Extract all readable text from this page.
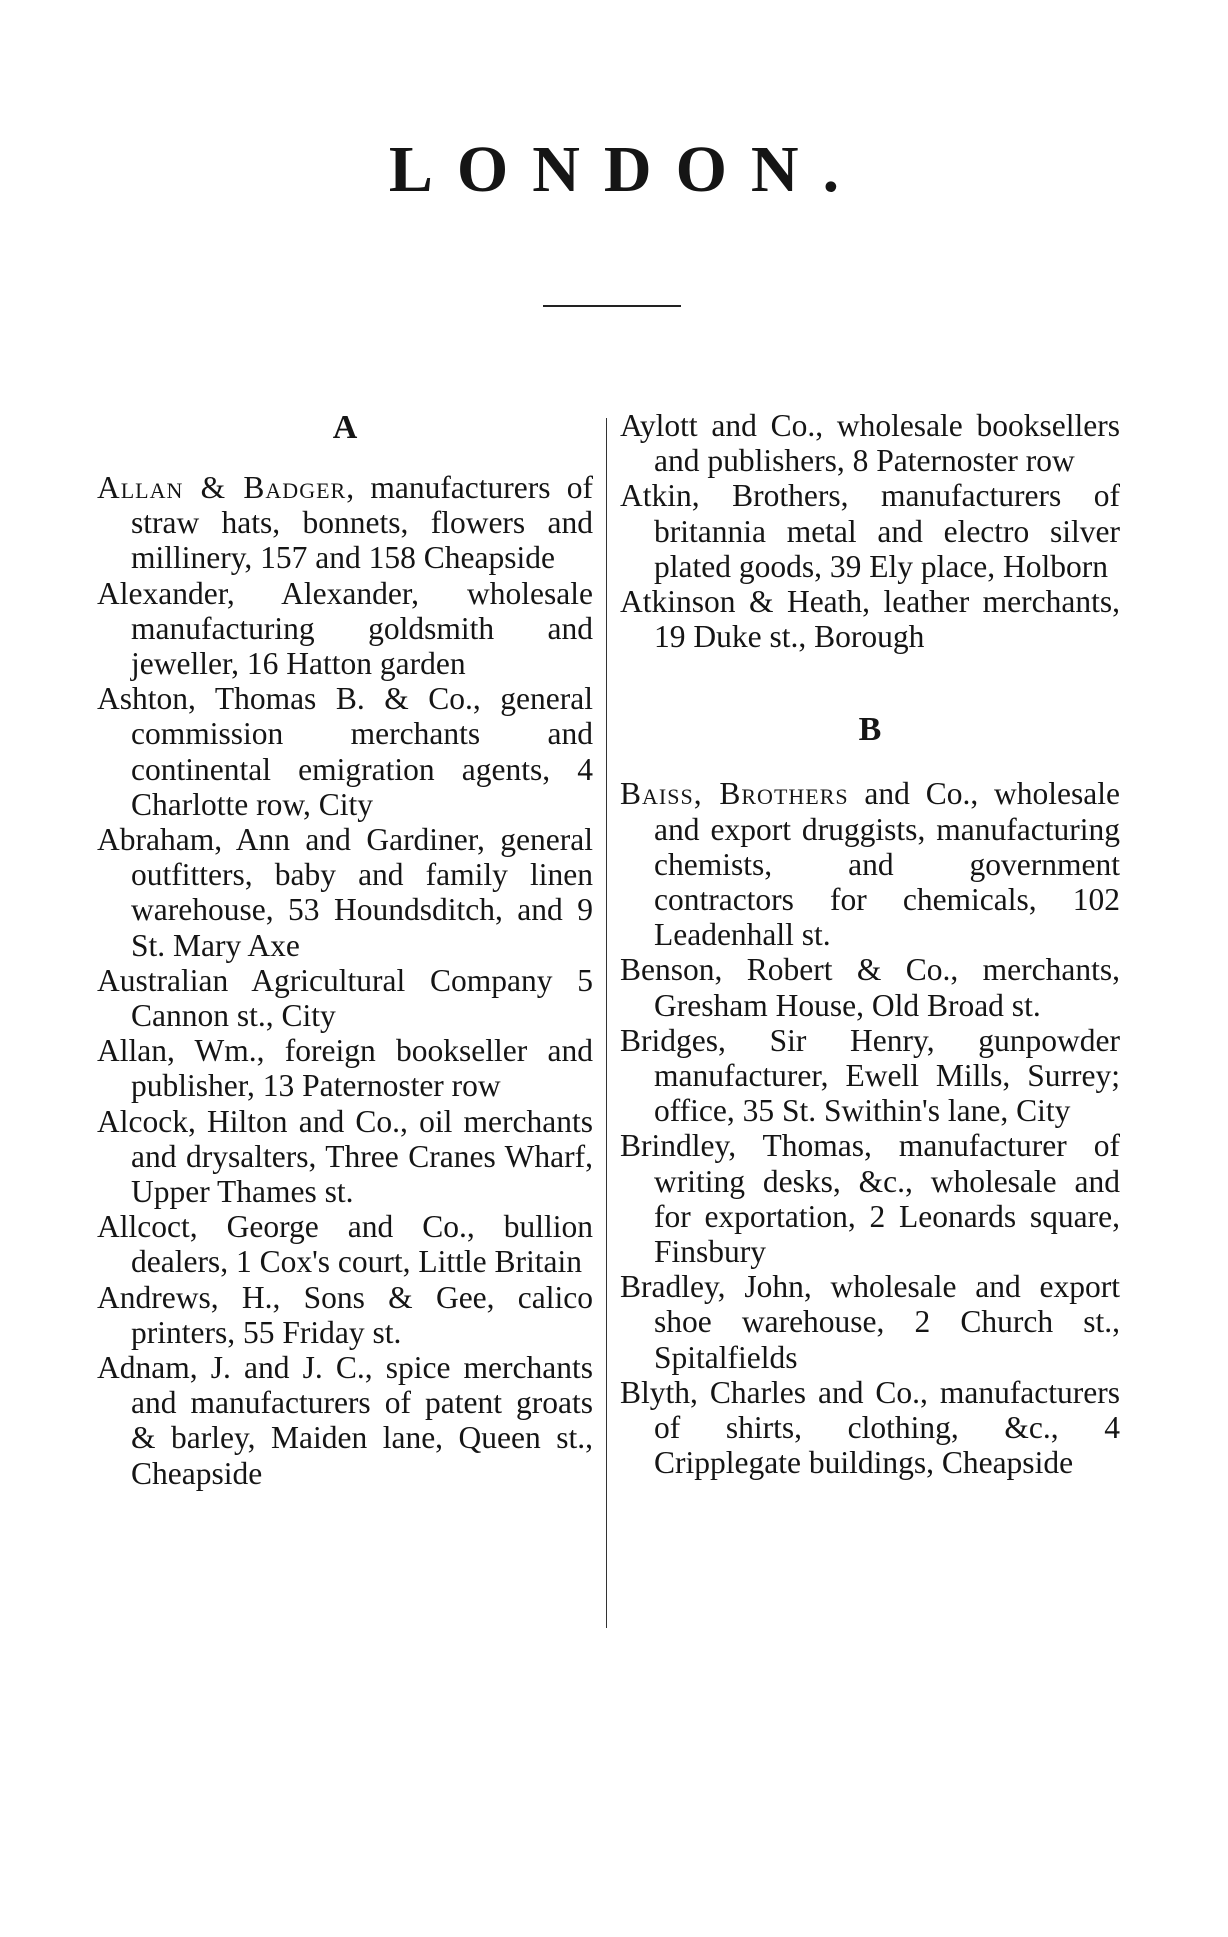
LONDON.
A

Allan & Badger, manufacturers of straw hats, bonnets, flowers and millinery, 157 and 158 Cheapside

Alexander, Alexander, wholesale manufacturing goldsmith and jeweller, 16 Hatton garden

Ashton, Thomas B. & Co., general commission merchants and continental emigration agents, 4 Charlotte row, City

Abraham, Ann and Gardiner, general outfitters, baby and family linen warehouse, 53 Houndsditch, and 9 St. Mary Axe

Australian Agricultural Company 5 Cannon st., City

Allan, Wm., foreign bookseller and publisher, 13 Paternoster row

Alcock, Hilton and Co., oil merchants and drysalters, Three Cranes Wharf, Upper Thames st.

Allcoct, George and Co., bullion dealers, 1 Cox's court, Little Britain

Andrews, H., Sons & Gee, calico printers, 55 Friday st.

Adnam, J. and J. C., spice merchants and manufacturers of patent groats & barley, Maiden lane, Queen st., Cheapside

Aylott and Co., wholesale booksellers and publishers, 8 Paternoster row

Atkin, Brothers, manufacturers of britannia metal and electro silver plated goods, 39 Ely place, Holborn

Atkinson & Heath, leather merchants, 19 Duke st., Borough

B

Baiss, Brothers and Co., wholesale and export druggists, manufacturing chemists, and government contractors for chemicals, 102 Leadenhall st.

Benson, Robert & Co., merchants, Gresham House, Old Broad st.

Bridges, Sir Henry, gunpowder manufacturer, Ewell Mills, Surrey; office, 35 St. Swithin's lane, City

Brindley, Thomas, manufacturer of writing desks, &c., wholesale and for exportation, 2 Leonards square, Finsbury

Bradley, John, wholesale and export shoe warehouse, 2 Church st., Spitalfields

Blyth, Charles and Co., manufacturers of shirts, clothing, &c., 4 Cripplegate buildings, Cheapside
